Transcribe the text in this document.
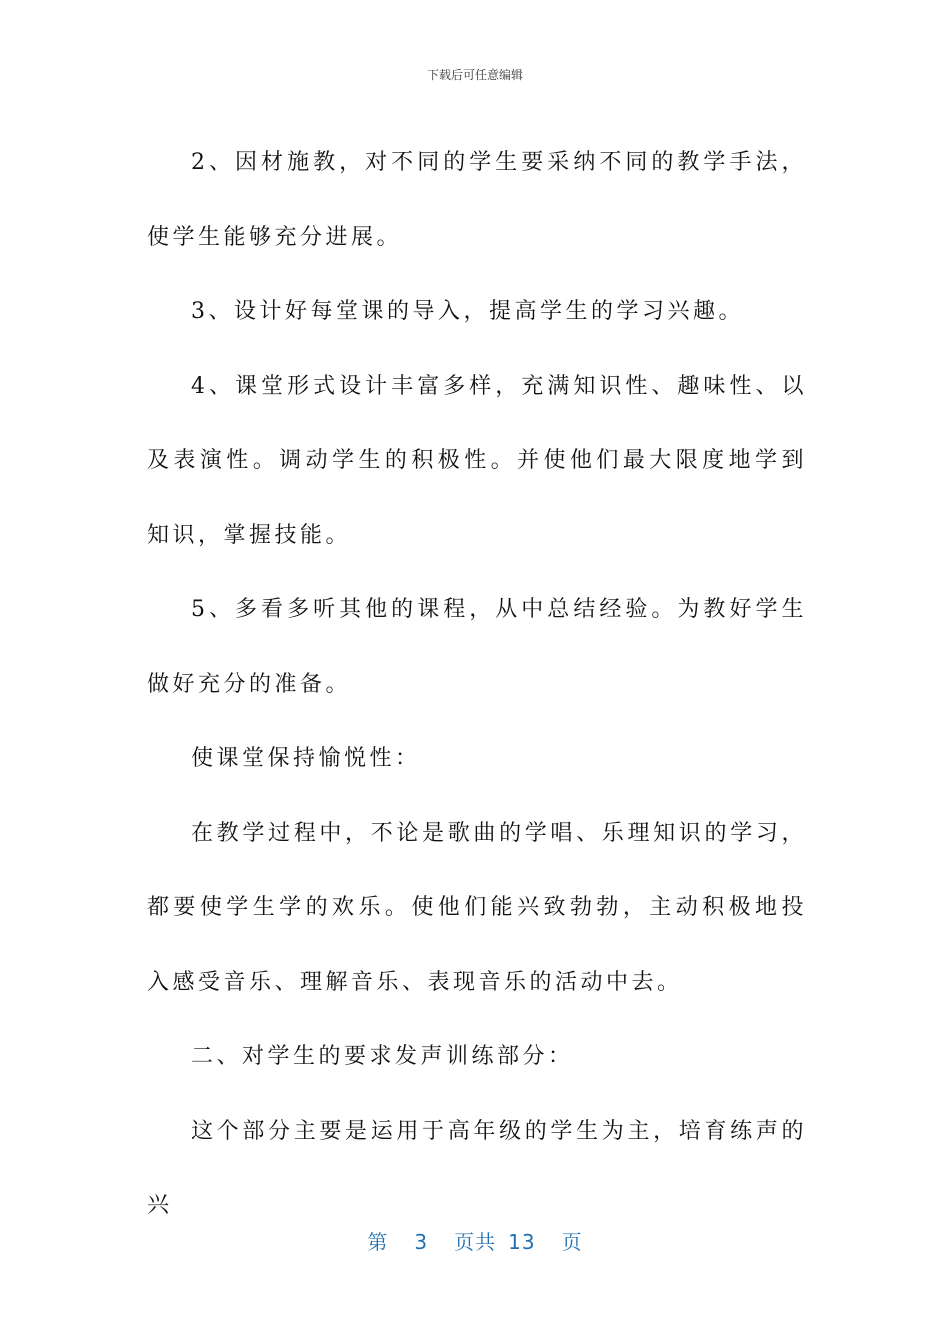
下载后可任意编辑

2、因材施教，对不同的学生要采纳不同的教学手法，使学生能够充分进展。

3、设计好每堂课的导入，提高学生的学习兴趣。

4、课堂形式设计丰富多样，充满知识性、趣味性、以及表演性。调动学生的积极性。并使他们最大限度地学到知识，掌握技能。

5、多看多听其他的课程，从中总结经验。为教好学生做好充分的准备。

使课堂保持愉悦性：

在教学过程中，不论是歌曲的学唱、乐理知识的学习，都要使学生学的欢乐。使他们能兴致勃勃，主动积极地投入感受音乐、理解音乐、表现音乐的活动中去。

二、对学生的要求发声训练部分：

这个部分主要是运用于高年级的学生为主，培育练声的兴

第 3 页共 13 页
